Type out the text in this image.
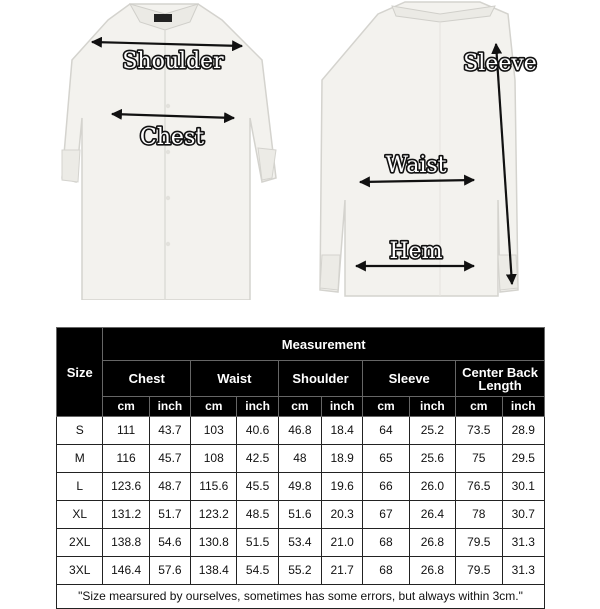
Shoulder
Chest
Sleeve
Waist
Hem
Size	Measurement									
	Chest		Waist		Shoulder		Sleeve		Center Back Length	
	cm	inch	cm	inch	cm	inch	cm	inch	cm	inch
S	111	43.7	103	40.6	46.8	18.4	64	25.2	73.5	28.9
M	116	45.7	108	42.5	48	18.9	65	25.6	75	29.5
L	123.6	48.7	115.6	45.5	49.8	19.6	66	26.0	76.5	30.1
XL	131.2	51.7	123.2	48.5	51.6	20.3	67	26.4	78	30.7
2XL	138.8	54.6	130.8	51.5	53.4	21.0	68	26.8	79.5	31.3
3XL	146.4	57.6	138.4	54.5	55.2	21.7	68	26.8	79.5	31.3
"Size mearsured by ourselves, sometimes has some errors, but always within 3cm."										
